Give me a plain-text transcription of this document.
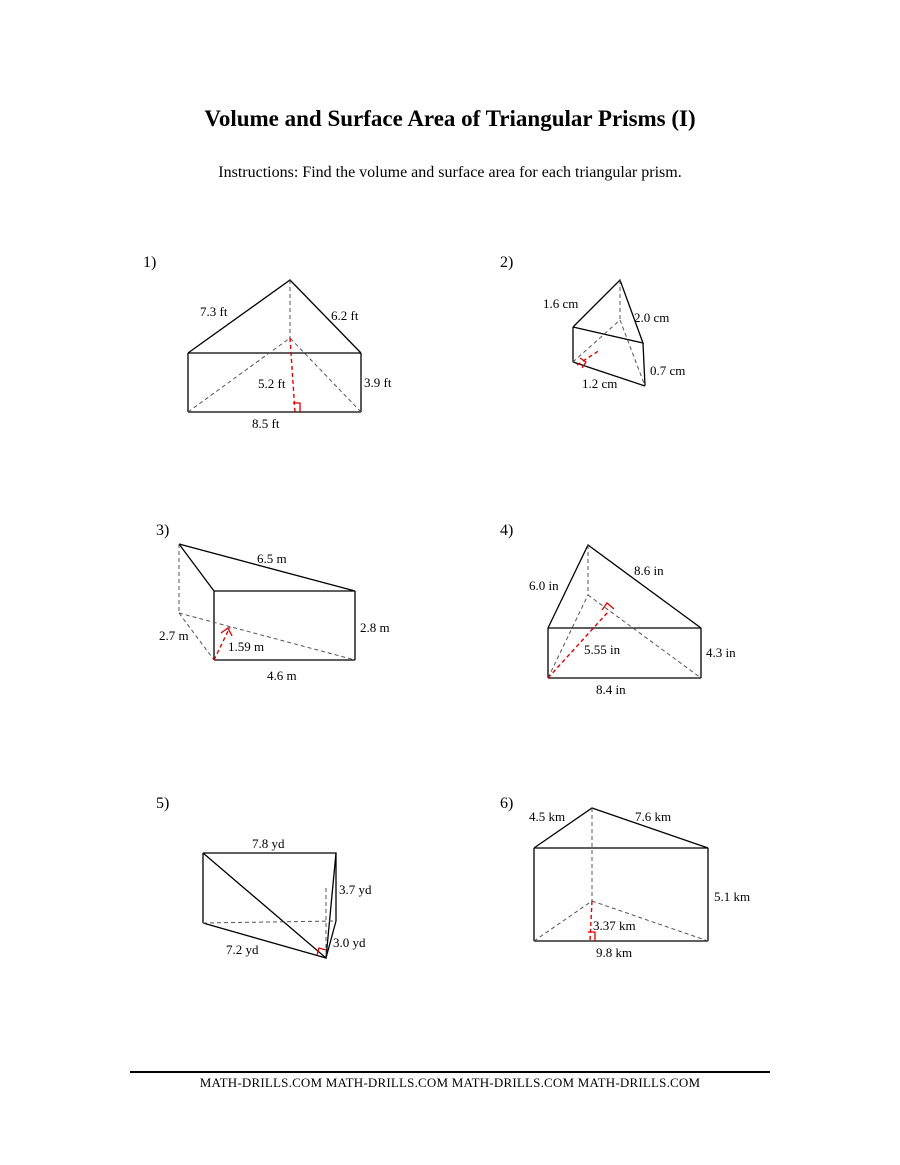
Volume and Surface Area of Triangular Prisms (I)
Instructions: Find the volume and surface area for each triangular prism.
1)	2)
3)	4)
5)	6)
7.3 ft	6.2 ft
5.2 ft	3.9 ft
8.5 ft
1.6 cm
2.0 cm
0.7 cm
1.2 cm
6.5 m
2.8 m
2.7 m
1.59 m
4.6 m
6.0 in
8.6 in
5.55 in	4.3 in
8.4 in
7.8 yd
3.7 yd
3.0 yd
7.2 yd
4.5 km	7.6 km
5.1 km
3.37 km
9.8 km
MATH-DRILLS.COM MATH-DRILLS.COM MATH-DRILLS.COM MATH-DRILLS.COM
